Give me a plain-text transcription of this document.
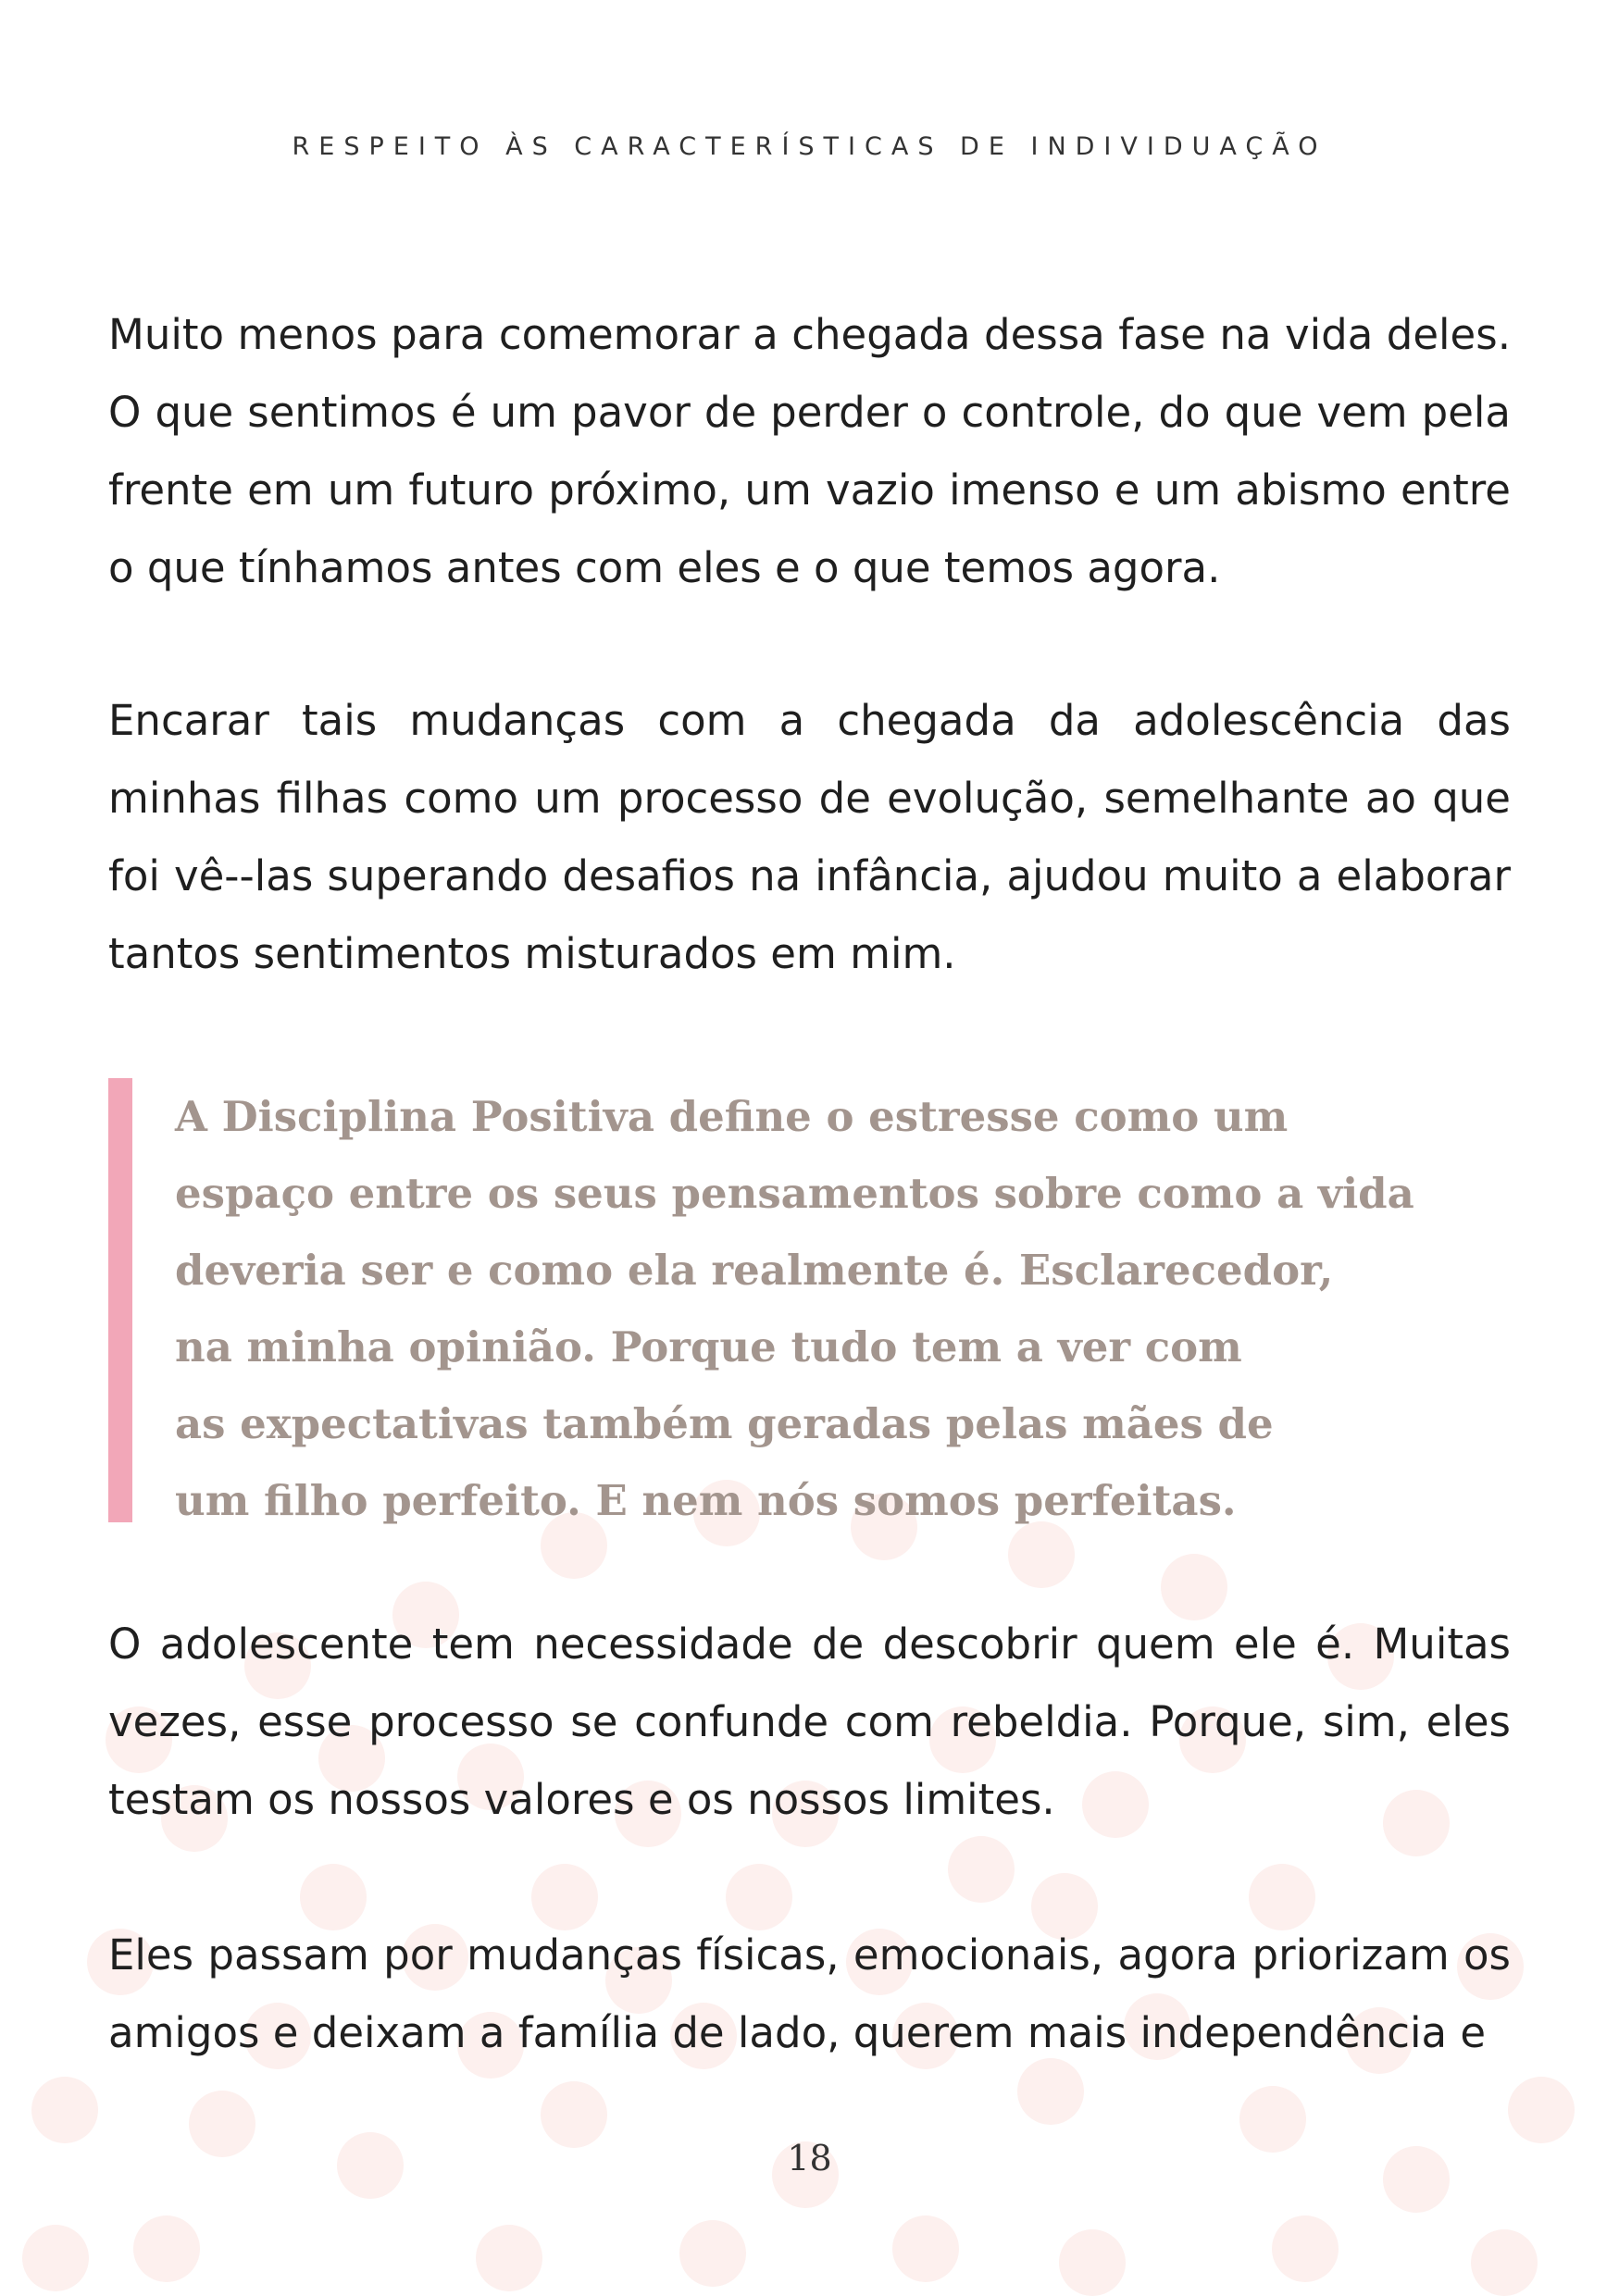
RESPEITO ÀS CARACTERÍSTICAS DE INDIVIDUAÇÃO

Muito menos para comemorar a chegada dessa fase na vida deles. O que sentimos é um pavor de perder o controle, do que vem pela frente em um futuro próximo, um vazio imenso e um abismo entre o que tínhamos antes com eles e o que temos agora.

Encarar tais mudanças com a chegada da adolescência das minhas filhas como um processo de evolução, semelhante ao que foi vê--las superando desafios na infância, ajudou muito a elaborar tantos sentimentos misturados em mim.

A Disciplina Positiva define o estresse como um
espaço entre os seus pensamentos sobre como a vida
deveria ser e como ela realmente é. Esclarecedor,
na minha opinião. Porque tudo tem a ver com
as expectativas também geradas pelas mães de
um filho perfeito. E nem nós somos perfeitas.

O adolescente tem necessidade de descobrir quem ele é. Muitas vezes, esse processo se confunde com rebeldia. Porque, sim, eles testam os nossos valores e os nossos limites.

Eles passam por mudanças físicas, emocionais, agora priorizam os amigos e deixam a família de lado, querem mais independência e

18
